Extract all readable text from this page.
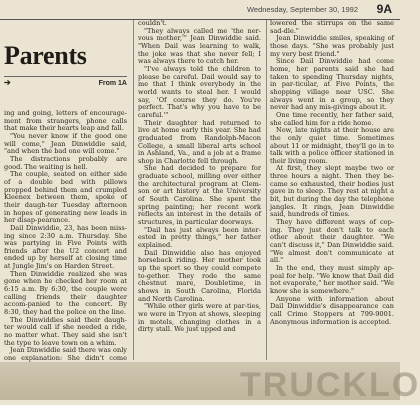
Wednesday, September 30, 1992 9A
Parents
➔	From 1A

ing and going, letters of encourage-ment from strangers, phone calls that make their hearts leap and fall.

"You never know if the good one will come," Jean Dinwiddie said, "and when the bad one will come."

The distractions probably are good. The waiting is hell.

The couple, seated on either side of a double bed with pillows propped behind them and crumpled Kleenex between them, spoke of their daugh-ter Tuesday afternoon in hopes of generating new leads in her disap-pearance.

Dail Dinwiddie, 23, has been miss-ing since 2:30 a.m. Thursday. She was partying in Five Points with friends after the U2 concert and ended up by herself at closing time at Jungle Jim's on Harden Street.

Then Dinwiddie realized she was gone when he checked her room at 6:15 a.m. By 6:30, the couple were calling friends their daughter accom-panied to the concert. By 8:30, they had the police on the line.

The Dinwiddies said their daugh-ter would call if she needed a ride, no matter what. They said she isn't the type to leave town on a whim.

Jean Dinwiddie said there was only one explanation: She didn't come

couldn't.

"They always called me 'the ner-vous mother,'" Jean Dinwiddie said. "When Dail was learning to walk, the joke was that she never fell; I was always there to catch her.

"I've always told the children to please be careful. Dail would say to me that I think everybody in the world wants to steal her. I would say, 'Of course they do. You're perfect. That's why you have to be careful.'"

Their daughter had returned to live at home early this year. She had graduated from Randolph-Macon College, a small liberal arts school in Ashland, Va., and a job at a frame shop in Charlotte fell through.

She had decided to prepare for graduate school, milling over either the architectural program at Clem-son or art history at the University of South Carolina. She spent the spring painting; her recent work reflects an interest in the details of structures, in particular doorways.

"Dail has just always been inter-ested in pretty things," her father explained.

Dail Dinwiddie also has enjoyed horseback riding. Her mother took up the sport so they could compete to-gether. They rode the same chestnut mare, Doubletime, in shows in South Carolina, Florida and North Carolina.

"While other girls were at par-ties, we were in Tryon at shows, sleeping in motels, changing clothes in a dirty stall. We just upped and

lowered the stirrups on the same sad-dle."

Jean Dinwiddie smiles, speaking of those days. "She was probably just my very best friend."

Since Dail Dinwiddie had come home, her parents said she had taken to spending Thursday nights, in par-ticular, at Five Points, the shopping village near USC. She always went in a group, so they never had any mis-givings about it.

One time recently, her father said, she called him for a ride home.

Now, late nights at their house are the only quiet time. Sometimes about 11 or midnight, they'll go in to talk with a police officer stationed in their living room.

At first, they slept maybe two or three hours a night. Then they be-came so exhausted, their bodies just gave in to sleep. They rest at night a bit, but during the day the telephone jangles. It rings, Jean Dinwiddie said, hundreds of times.

They have different ways of cop-ing. They just don't talk to each other about their daughter. "We can't discuss it," Dan Dinwiddie said. "We almost don't communicate at all."

In the end, they must simply ap-peal for help. "We know that Dail did not evaporate," her mother said. "We know she is somewhere."

Anyone with information about Dail Dinwiddie's disappearance can call Crime Stoppers at 799-9001. Anonymous information is accepted.

TRUCKLO
